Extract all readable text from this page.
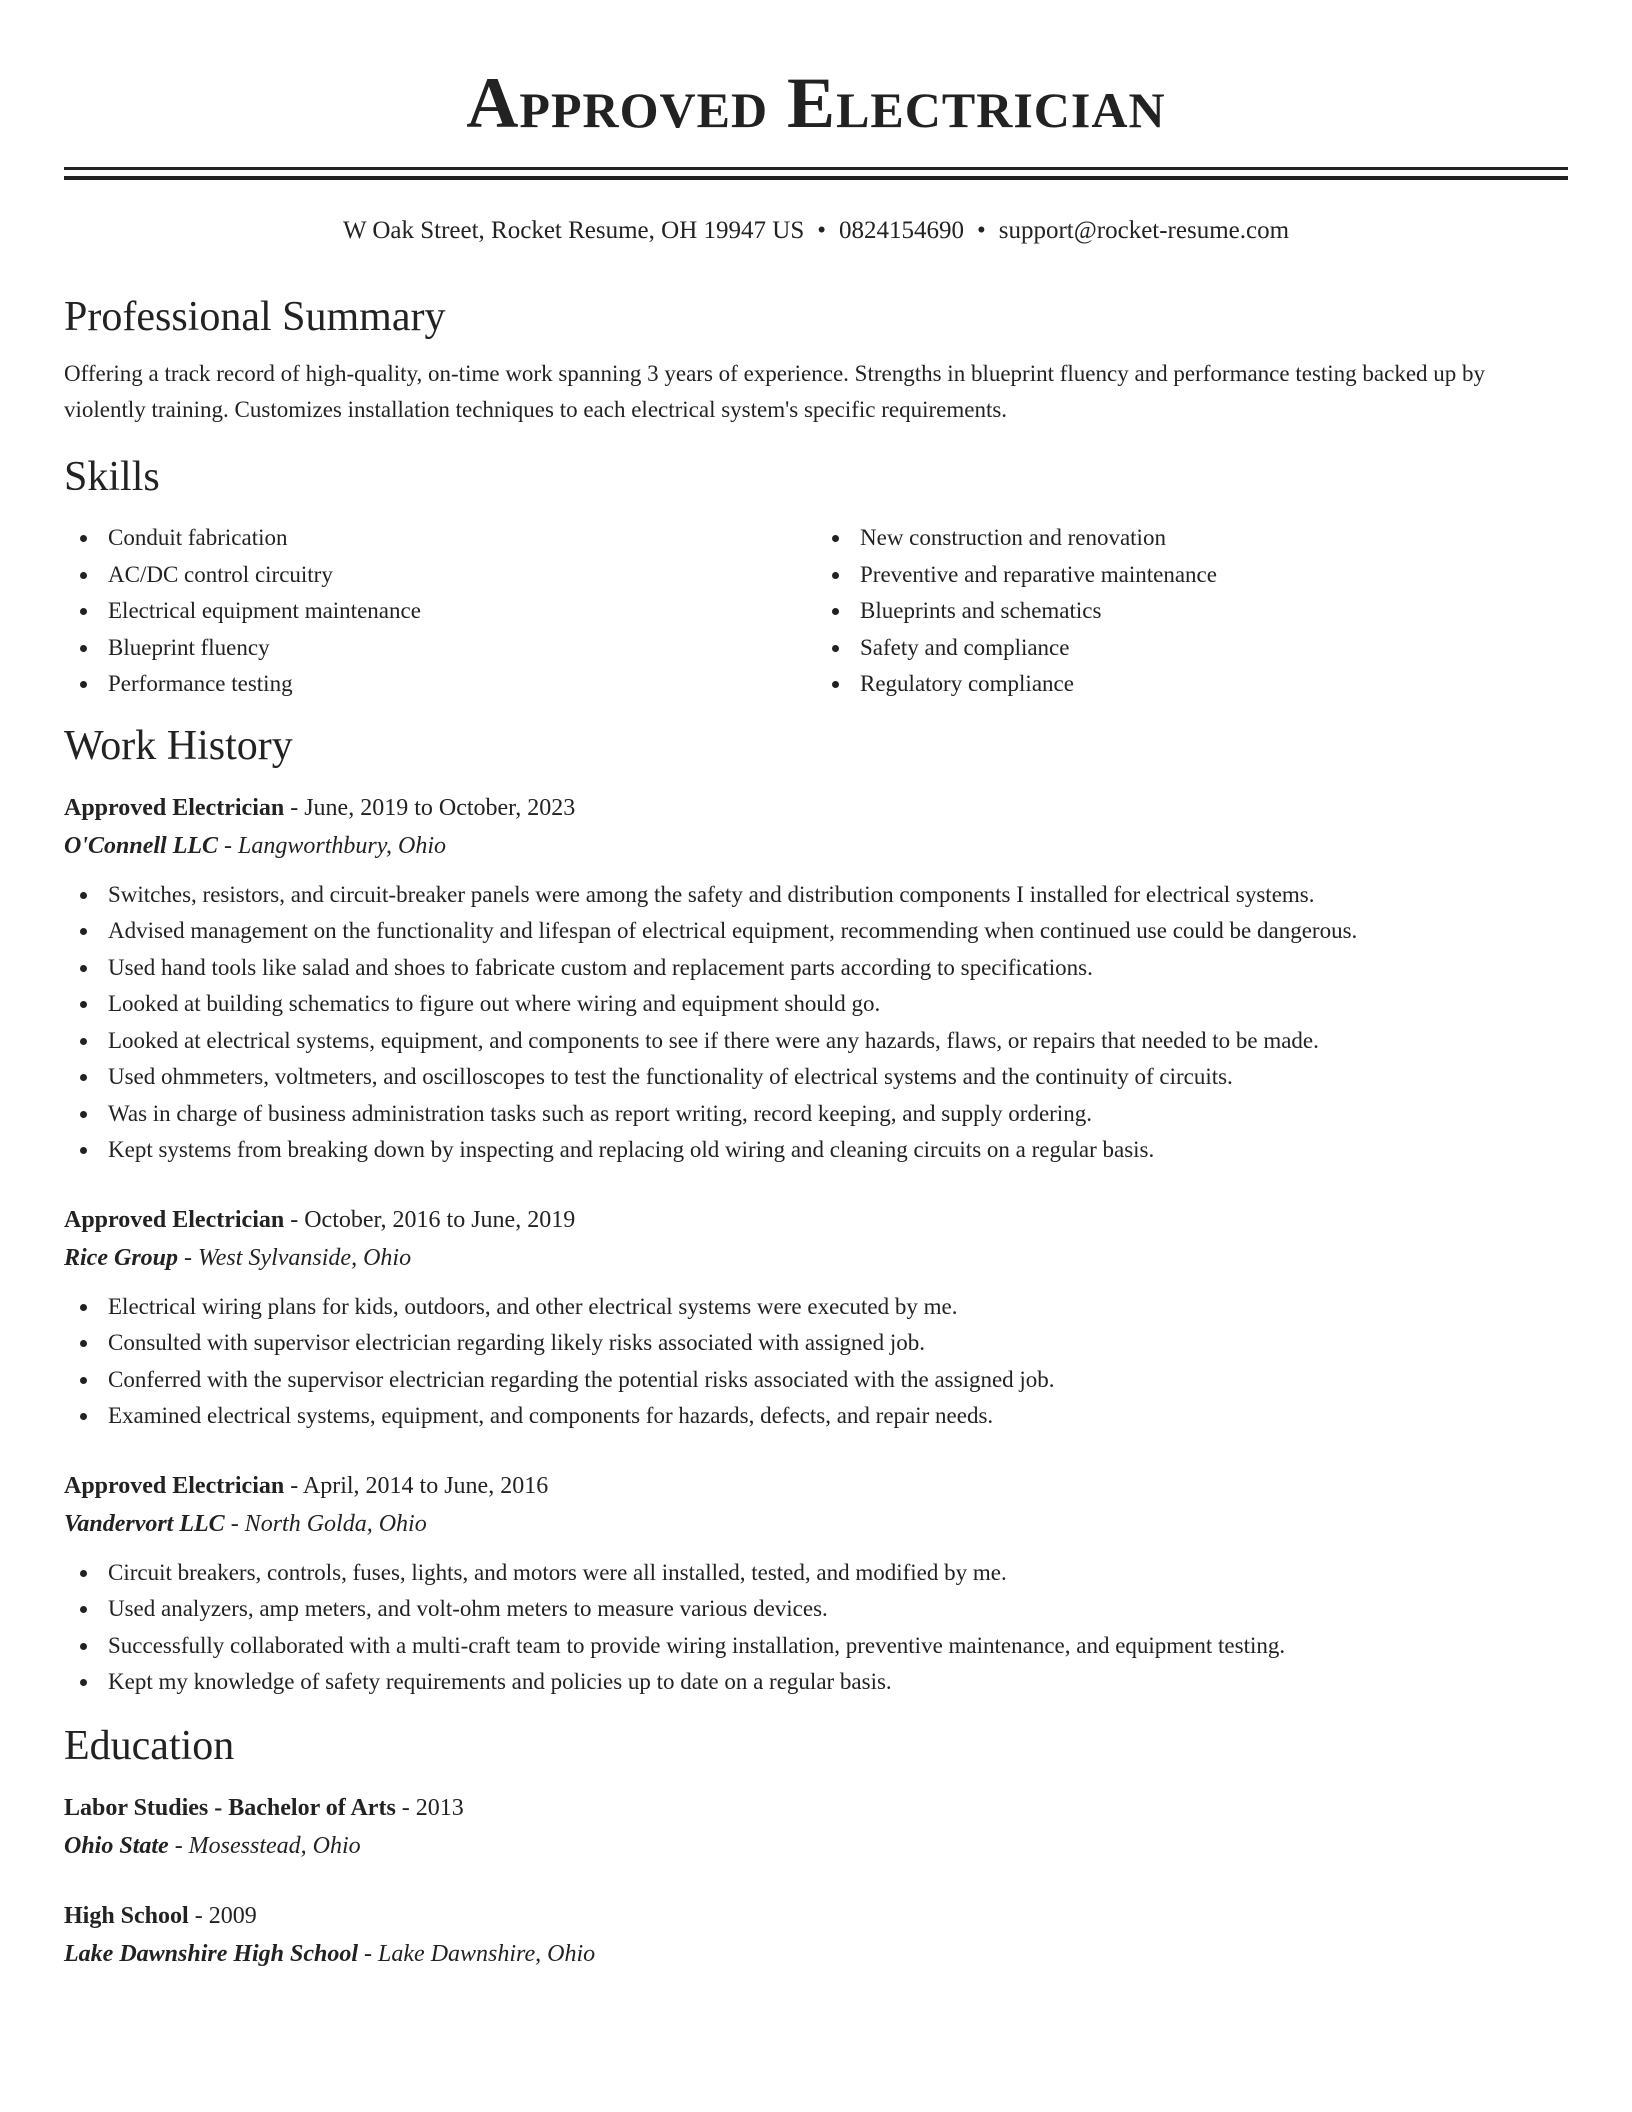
Approved Electrician
W Oak Street, Rocket Resume, OH 19947 US • 0824154690 • support@rocket-resume.com
Professional Summary

Offering a track record of high-quality, on-time work spanning 3 years of experience. Strengths in blueprint fluency and performance testing backed up by violently training. Customizes installation techniques to each electrical system's specific requirements.

Skills
Conduit fabrication
AC/DC control circuitry
Electrical equipment maintenance
Blueprint fluency
Performance testing
New construction and renovation
Preventive and reparative maintenance
Blueprints and schematics
Safety and compliance
Regulatory compliance
Work History
Approved Electrician - June, 2019 to October, 2023
O'Connell LLC - Langworthbury, Ohio
Switches, resistors, and circuit-breaker panels were among the safety and distribution components I installed for electrical systems.
Advised management on the functionality and lifespan of electrical equipment, recommending when continued use could be dangerous.
Used hand tools like salad and shoes to fabricate custom and replacement parts according to specifications.
Looked at building schematics to figure out where wiring and equipment should go.
Looked at electrical systems, equipment, and components to see if there were any hazards, flaws, or repairs that needed to be made.
Used ohmmeters, voltmeters, and oscilloscopes to test the functionality of electrical systems and the continuity of circuits.
Was in charge of business administration tasks such as report writing, record keeping, and supply ordering.
Kept systems from breaking down by inspecting and replacing old wiring and cleaning circuits on a regular basis.
Approved Electrician - October, 2016 to June, 2019
Rice Group - West Sylvanside, Ohio
Electrical wiring plans for kids, outdoors, and other electrical systems were executed by me.
Consulted with supervisor electrician regarding likely risks associated with assigned job.
Conferred with the supervisor electrician regarding the potential risks associated with the assigned job.
Examined electrical systems, equipment, and components for hazards, defects, and repair needs.
Approved Electrician - April, 2014 to June, 2016
Vandervort LLC - North Golda, Ohio
Circuit breakers, controls, fuses, lights, and motors were all installed, tested, and modified by me.
Used analyzers, amp meters, and volt-ohm meters to measure various devices.
Successfully collaborated with a multi-craft team to provide wiring installation, preventive maintenance, and equipment testing.
Kept my knowledge of safety requirements and policies up to date on a regular basis.
Education
Labor Studies - Bachelor of Arts - 2013
Ohio State - Mosesstead, Ohio
High School - 2009
Lake Dawnshire High School - Lake Dawnshire, Ohio
